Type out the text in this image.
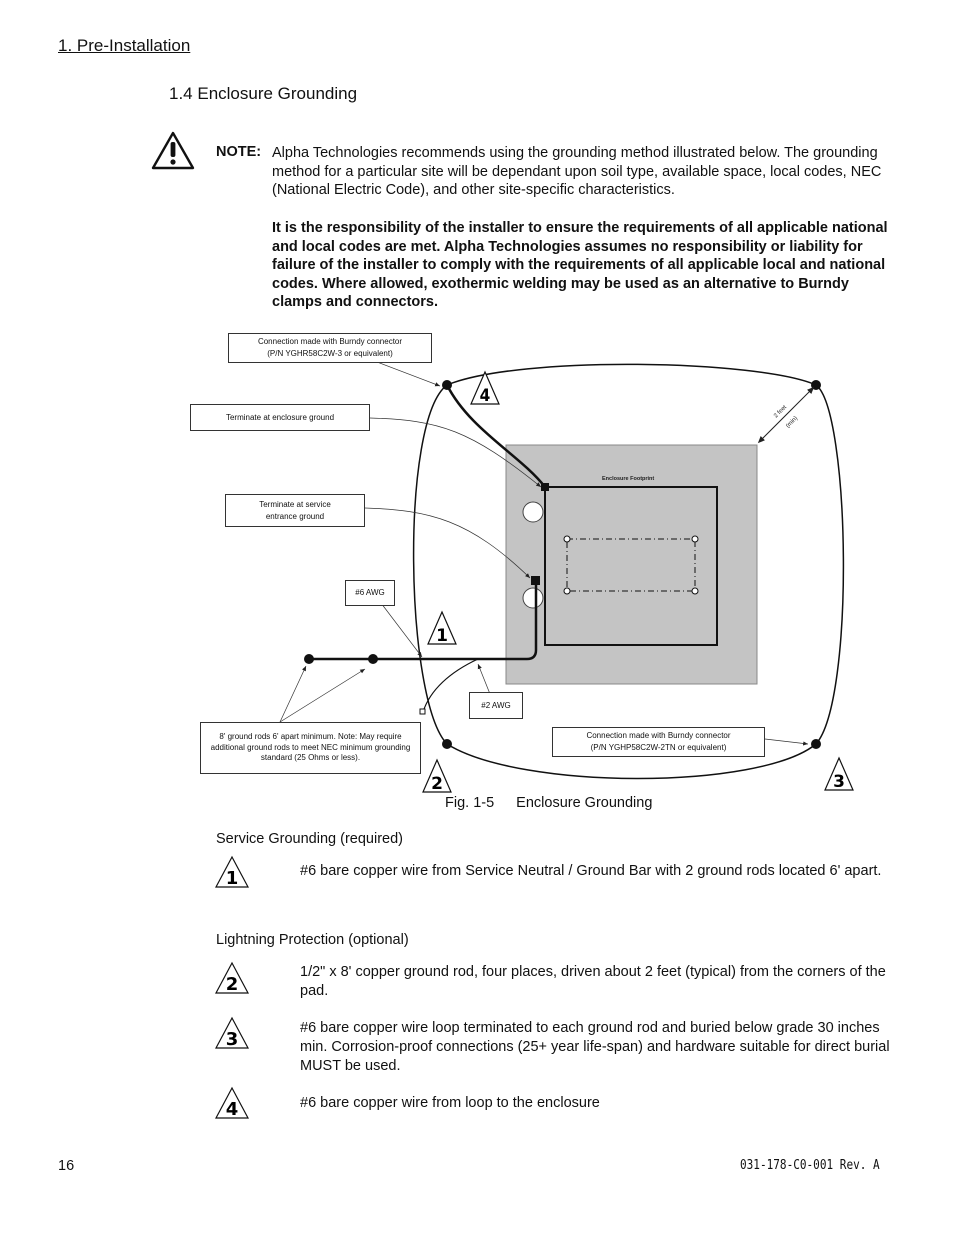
1. Pre-Installation
1.4 Enclosure Grounding
NOTE: Alpha Technologies recommends using the grounding method illustrated below. The grounding method for a particular site will be dependant upon soil type, available space, local codes, NEC (National Electric Code), and other site-specific characteristics.
It is the responsibility of the installer to ensure the requirements of all applicable national and local codes are met. Alpha Technologies assumes no responsibility or liability for failure of the installer to comply with the requirements of all applicable local and national codes. Where allowed, exothermic welding may be used as an alternative to Burndy clamps and connectors.
4
1
2	3
Enclosure Footprint
2 feet
(min)
Connection made with Burndy connector
(P/N YGHR58C2W-3 or equivalent)
Terminate at enclosure ground
Terminate at service
entrance ground
#6 AWG
#2 AWG
8' ground rods 6' apart minimum. Note: May require additional ground rods to meet NEC minimum grounding standard (25 Ohms or less).
Connection made with Burndy connector
(P/N YGHP58C2W-2TN or equivalent)
Fig. 1-5 Enclosure Grounding
Service Grounding (required)
1	#6 bare copper wire from Service Neutral / Ground Bar with 2 ground rods located 6' apart.
Lightning Protection (optional)
2
1/2" x 8' copper ground rod, four places, driven about 2 feet (typical) from the corners of the pad.
3
#6 bare copper wire loop terminated to each ground rod and buried below grade 30 inches min. Corrosion-proof connections (25+ year life-span) and hardware suitable for direct burial MUST be used.
4	#6 bare copper wire from loop to the enclosure
16	031-178-C0-001 Rev. A
